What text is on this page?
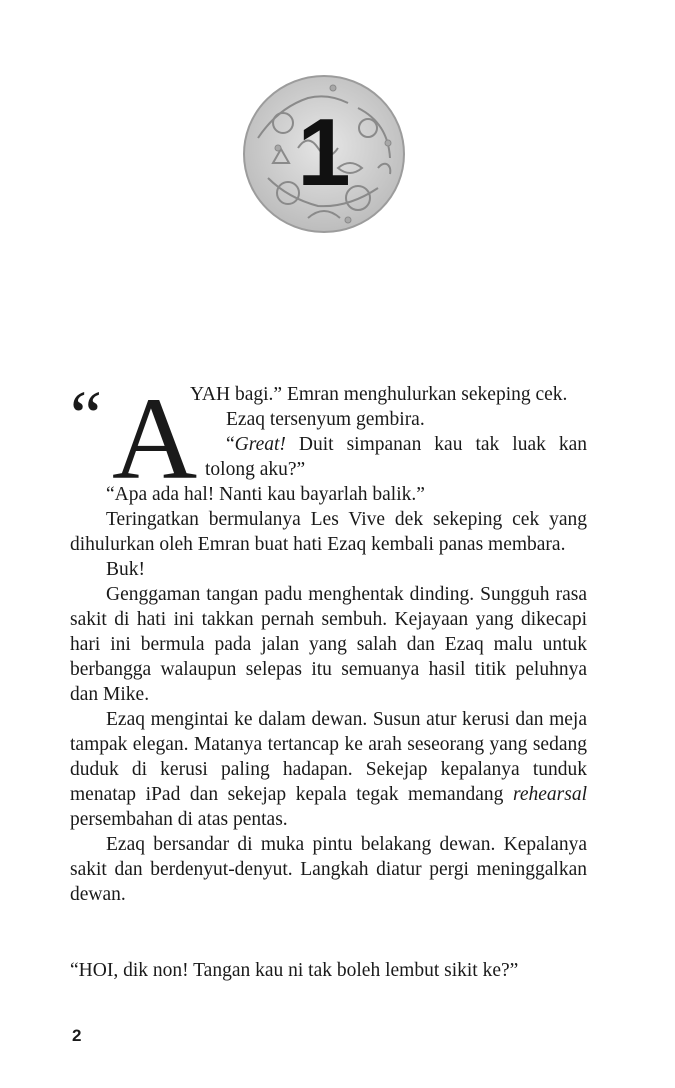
1
“ A

YAH bagi.” Emran menghulurkan sekeping cek.

Ezaq tersenyum gembira.

“Great! Duit simpanan kau tak luak kan

tolong aku?”

“Apa ada hal! Nanti kau bayarlah balik.”

Teringatkan bermulanya Les Vive dek sekeping cek yang dihulurkan oleh Emran buat hati Ezaq kembali panas membara.

Buk!

Genggaman tangan padu menghentak dinding. Sungguh rasa sakit di hati ini takkan pernah sembuh. Kejayaan yang dikecapi hari ini bermula pada jalan yang salah dan Ezaq malu untuk berbangga walaupun selepas itu semuanya hasil titik peluhnya dan Mike.

Ezaq mengintai ke dalam dewan. Susun atur kerusi dan meja tampak elegan. Matanya tertancap ke arah seseorang yang sedang duduk di kerusi paling hadapan. Sekejap kepalanya tunduk menatap iPad dan sekejap kepala tegak memandang rehearsal persembahan di atas pentas.

Ezaq bersandar di muka pintu belakang dewan. Kepalanya sakit dan berdenyut-denyut. Langkah diatur pergi meninggalkan dewan.

“HOI, dik non! Tangan kau ni tak boleh lembut sikit ke?”

2
